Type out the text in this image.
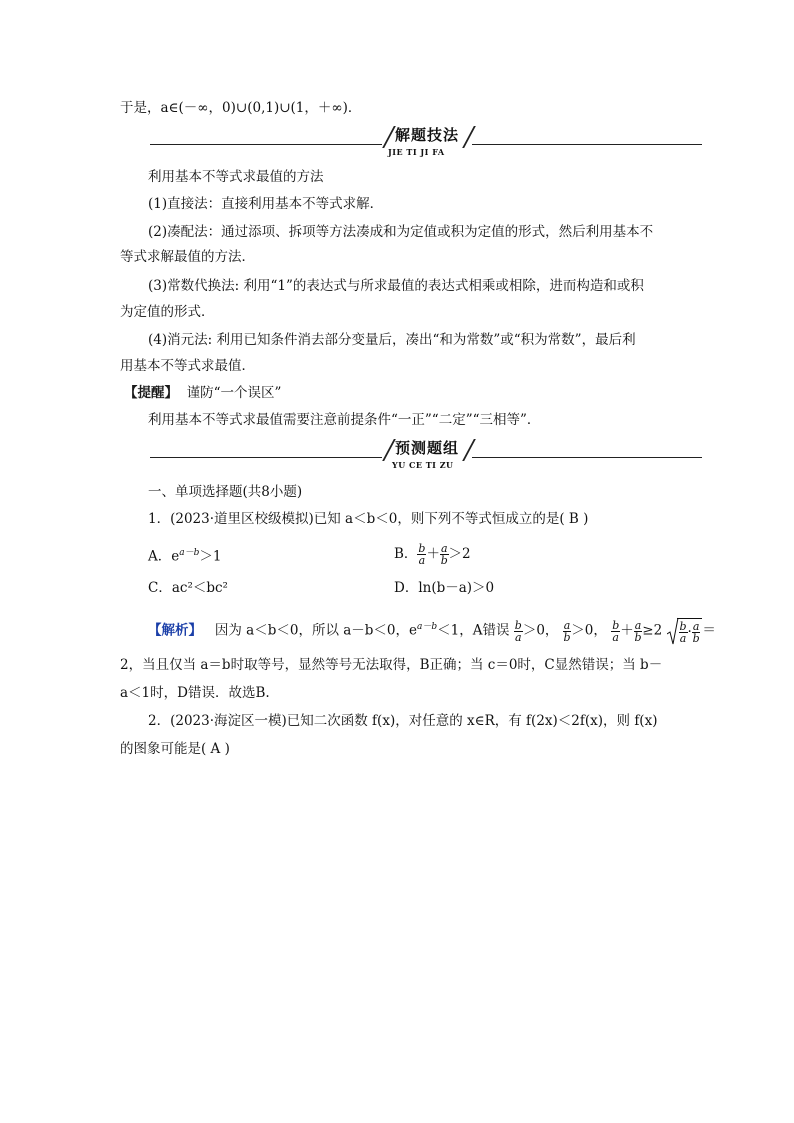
于是，a∈(－∞，0)∪(0,1)∪(1，＋∞)．
解题技法
JIE TI JI FA
利用基本不等式求最值的方法
(1)直接法：直接利用基本不等式求解．
(2)凑配法：通过添项、拆项等方法凑成和为定值或积为定值的形式，然后利用基本不
等式求解最值的方法．
(3)常数代换法: 利用“1”的表达式与所求最值的表达式相乘或相除，进而构造和或积
为定值的形式．
(4)消元法: 利用已知条件消去部分变量后，凑出“和为常数”或“积为常数”，最后利
用基本不等式求最值．
【提醒】 谨防“一个误区”
利用基本不等式求最值需要注意前提条件“一正”“二定”“三相等”．
预测题组
YU CE TI ZU
一、单项选择题(共8小题)
1．(2023·道里区校级模拟)已知 a＜b＜0，则下列不等式恒成立的是( B )
A．$e^{a-b}>1$	B． $\frac{b}{a} + \frac{a}{b} >2$
C．ac²＜bc²	D．ln(b－a)＞0
【解析】 因为 a＜b＜0，所以 a－b＜0，$e^{a-b}<1$，A错误 $\frac{b}{a} >0$， $\frac{a}{b} >0$， $\frac{b}{a} + \frac{a}{b} \ge 2 \frac{b}{a} \cdot \frac{a}{b}$ ＝
2，当且仅当 a＝b时取等号，显然等号无法取得，B正确；当 c＝0时，C显然错误；当 b－
a＜1时，D错误．故选B.
2．(2023·海淀区一模)已知二次函数 f(x)，对任意的 x∈R，有 f(2x)＜2f(x)，则 f(x)
的图象可能是( A )
